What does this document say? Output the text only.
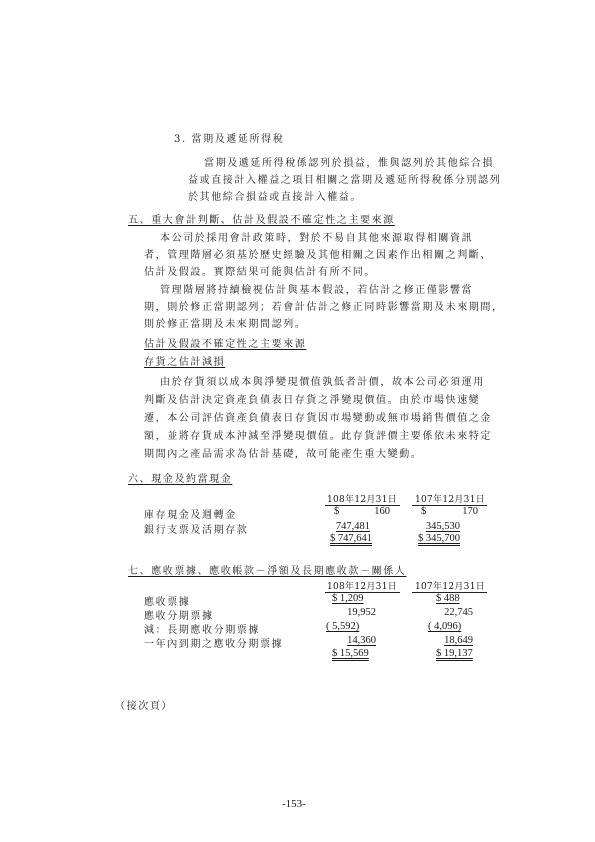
3. 當期及遞延所得稅
當期及遞延所得稅係認列於損益，惟與認列於其他綜合損
益或直接計入權益之項目相關之當期及遞延所得稅係分別認列
於其他綜合損益或直接計入權益。
五、重大會計判斷、估計及假設不確定性之主要來源
本公司於採用會計政策時，對於不易自其他來源取得相關資訊
者，管理階層必須基於歷史經驗及其他相關之因素作出相關之判斷、
估計及假設。實際結果可能與估計有所不同。
管理階層將持續檢視估計與基本假設，若估計之修正僅影響當
期，則於修正當期認列；若會計估計之修正同時影響當期及未來期間，
則於修正當期及未來期間認列。
估計及假設不確定性之主要來源
存貨之估計減損
由於存貨須以成本與淨變現價值孰低者計價，故本公司必須運用
判斷及估計決定資產負債表日存貨之淨變現價值。由於市場快速變
遷，本公司評估資產負債表日存貨因市場變動或無市場銷售價值之金
額，並將存貨成本沖減至淨變現價值。此存貨評價主要係依未來特定
期間內之產品需求為估計基礎，故可能產生重大變動。
六、現金及約當現金
108年12月31日	107年12月31日
庫存現金及週轉金	$	160	$	170
銀行支票及活期存款	747,481	345,530
$ 747,641	$ 345,700
七、應收票據、應收帳款－淨額及長期應收款－關係人
108年12月31日	107年12月31日
應收票據	$ 1,209	$ 488
應收分期票據	19,952	22,745
減：長期應收分期票據	( 5,592)	( 4,096)
一年內到期之應收分期票據	14,360	18,649
$ 15,569	$ 19,137
（接次頁）
-153-
